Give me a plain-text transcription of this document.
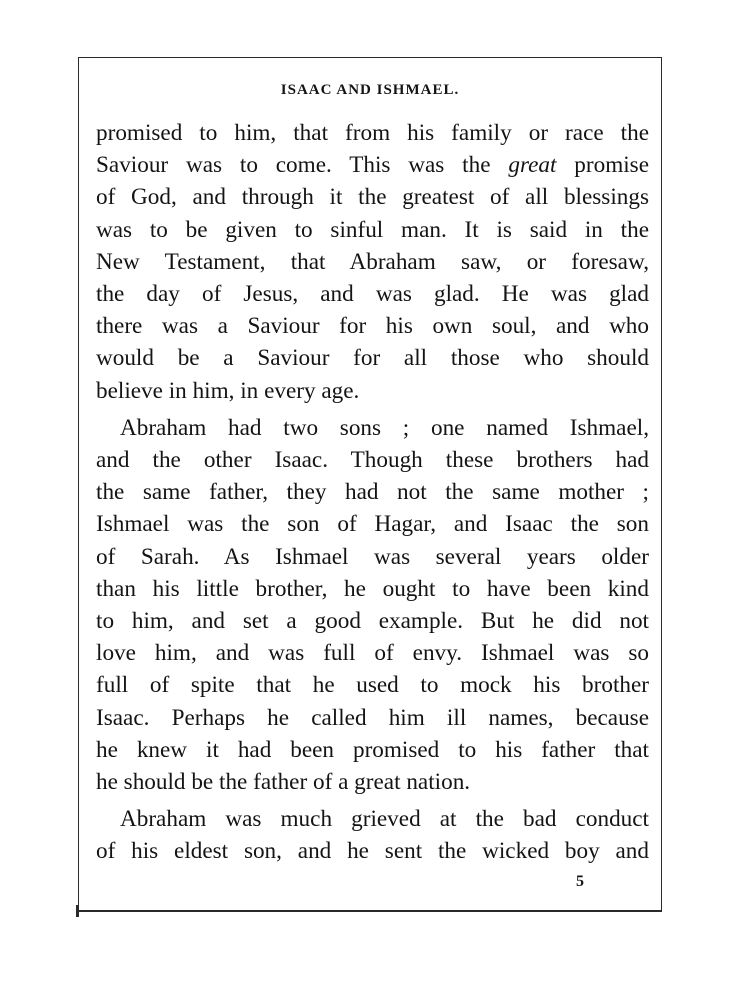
ISAAC AND ISHMAEL.
promised to him, that from his family or race the
Saviour was to come. This was the great promise
of God, and through it the greatest of all blessings
was to be given to sinful man. It is said in the
New Testament, that Abraham saw, or foresaw,
the day of Jesus, and was glad. He was glad
there was a Saviour for his own soul, and who
would be a Saviour for all those who should
believe in him, in every age.
Abraham had two sons ; one named Ishmael,
and the other Isaac. Though these brothers had
the same father, they had not the same mother ;
Ishmael was the son of Hagar, and Isaac the son
of Sarah. As Ishmael was several years older
than his little brother, he ought to have been kind
to him, and set a good example. But he did not
love him, and was full of envy. Ishmael was so
full of spite that he used to mock his brother
Isaac. Perhaps he called him ill names, because
he knew it had been promised to his father that
he should be the father of a great nation.
Abraham was much grieved at the bad conduct
of his eldest son, and he sent the wicked boy and
5
